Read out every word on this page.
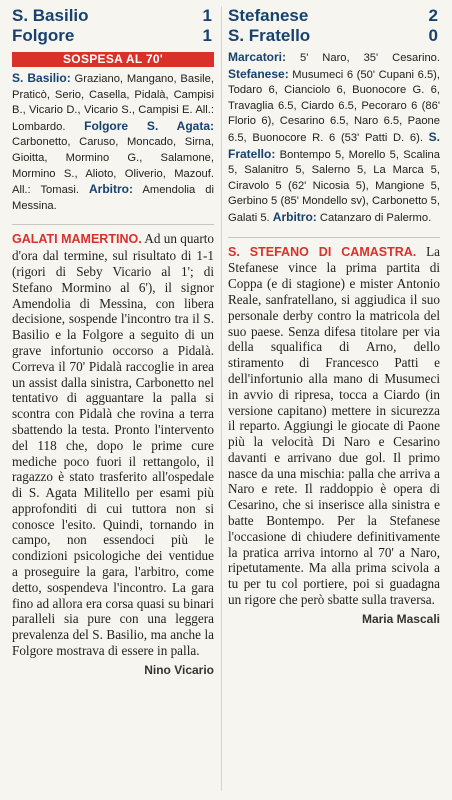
S. Basilio	1
Folgore	1
SOSPESA AL 70'
S. Basilio: Graziano, Mangano, Basile, Praticò, Serio, Casella, Pidalà, Campisi B., Vicario D., Vicario S., Campisi E. All.: Lombardo. Folgore S. Agata: Carbonetto, Caruso, Moncado, Sirna, Gioitta, Mormino G., Salamone, Mormino S., Alioto, Oliverio, Mazouf. All.: Tomasi. Arbitro: Amendolia di Messina.

GALATI MAMERTINO. Ad un quarto d'ora dal termine, sul risultato di 1-1 (rigori di Seby Vicario al 1'; di Stefano Mormino al 6'), il signor Amendolia di Messina, con libera decisione, sospende l'incontro tra il S. Basilio e la Folgore a seguito di un grave infortunio occorso a Pidalà. Correva il 70' Pidalà raccoglie in area un assist dalla sinistra, Carbonetto nel tentativo di agguantare la palla si scontra con Pidalà che rovina a terra sbattendo la testa. Pronto l'intervento del 118 che, dopo le prime cure mediche poco fuori il rettangolo, il ragazzo è stato trasferito all'ospedale di S. Agata Militello per esami più approfonditi di cui tuttora non si conosce l'esito. Quindi, tornando in campo, non essendoci più le condizioni psicologiche dei ventidue a proseguire la gara, l'arbitro, come detto, sospendeva l'incontro. La gara fino ad allora era corsa quasi su binari paralleli sia pure con una leggera prevalenza del S. Basilio, ma anche la Folgore mostrava di essere in palla.

Nino Vicario
Stefanese	2
S. Fratello	0
Marcatori: 5' Naro, 35' Cesarino. Stefanese: Musumeci 6 (50' Cupani 6.5), Todaro 6, Cianciolo 6, Buonocore G. 6, Travaglia 6.5, Ciardo 6.5, Pecoraro 6 (86' Florio 6), Cesarino 6.5, Naro 6.5, Paone 6.5, Buonocore R. 6 (53' Patti D. 6). S. Fratello: Bontempo 5, Morello 5, Scalina 5, Salanitro 5, Salerno 5, La Marca 5, Ciravolo 5 (62' Nicosia 5), Mangione 5, Gerbino 5 (85' Mondello sv), Carbonetto 5, Galati 5. Arbitro: Catanzaro di Palermo.

S. STEFANO DI CAMASTRA. La Stefanese vince la prima partita di Coppa (e di stagione) e mister Antonio Reale, sanfratellano, si aggiudica il suo personale derby contro la matricola del suo paese. Senza difesa titolare per via della squalifica di Arno, dello stiramento di Francesco Patti e dell'infortunio alla mano di Musumeci in avvio di ripresa, tocca a Ciardo (in versione capitano) mettere in sicurezza il reparto. Aggiungi le giocate di Paone più la velocità Di Naro e Cesarino davanti e arrivano due gol. Il primo nasce da una mischia: palla che arriva a Naro e rete. Il raddoppio è opera di Cesarino, che si inserisce alla sinistra e batte Bontempo. Per la Stefanese l'occasione di chiudere definitivamente la pratica arriva intorno al 70' a Naro, ripetutamente. Ma alla prima scivola a tu per tu col portiere, poi si guadagna un rigore che però sbatte sulla traversa.

Maria Mascali
